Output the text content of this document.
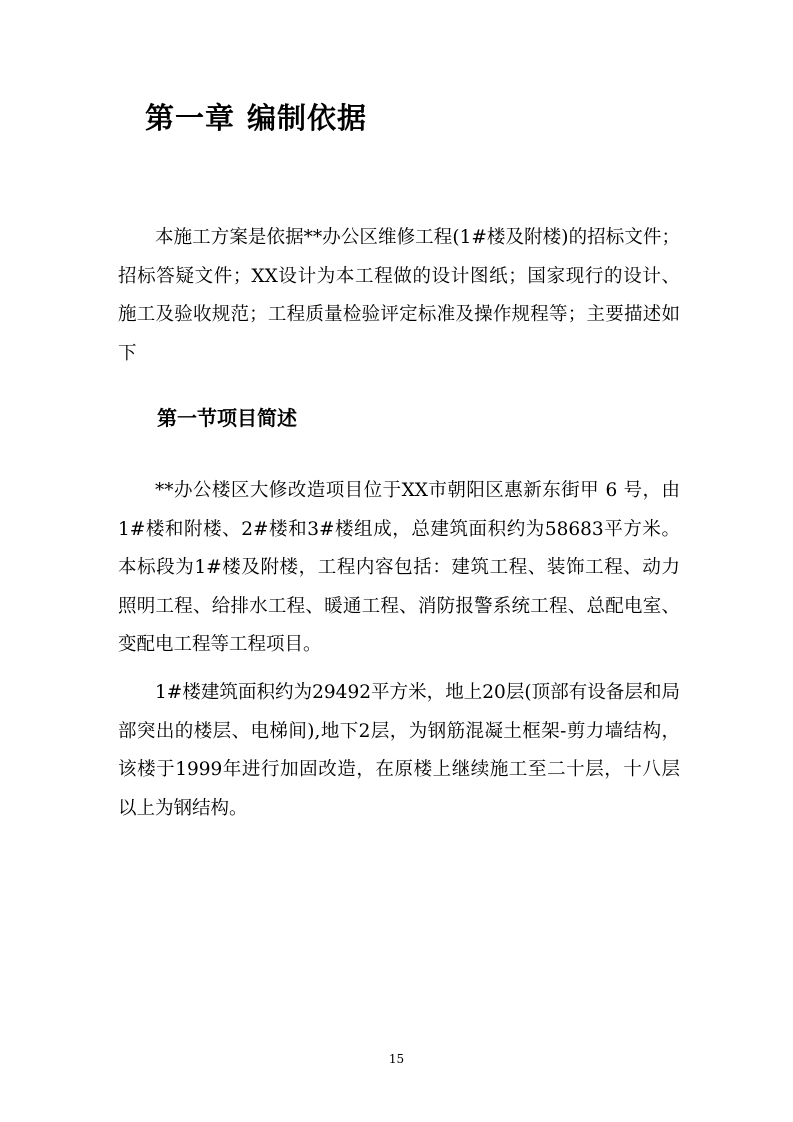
第一章 编制依据

本施工方案是依据**办公区维修工程(1#楼及附楼)的招标文件；招标答疑文件；XX设计为本工程做的设计图纸；国家现行的设计、施工及验收规范；工程质量检验评定标准及操作规程等；主要描述如下

第一节项目简述

**办公楼区大修改造项目位于XX市朝阳区惠新东街甲 6 号，由1#楼和附楼、2#楼和3#楼组成，总建筑面积约为58683平方米。本标段为1#楼及附楼，工程内容包括：建筑工程、装饰工程、动力照明工程、给排水工程、暖通工程、消防报警系统工程、总配电室、变配电工程等工程项目。

1#楼建筑面积约为29492平方米，地上20层(顶部有设备层和局部突出的楼层、电梯间),地下2层，为钢筋混凝土框架-剪力墙结构，该楼于1999年进行加固改造，在原楼上继续施工至二十层，十八层以上为钢结构。

15
